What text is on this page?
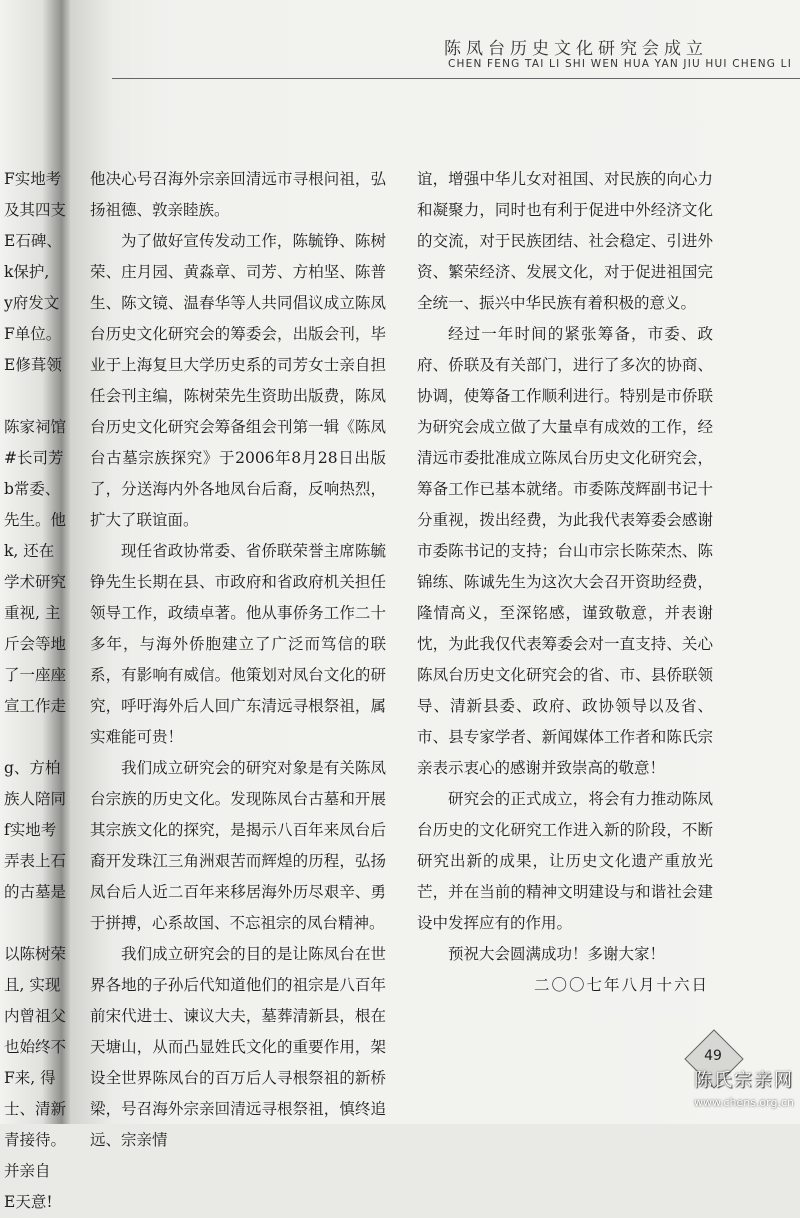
陈凤台历史文化研究会成立
CHEN FENG TAI LI SHI WEN HUA YAN JIU HUI CHENG LI
F实地考
及其四支
E石碑、
k保护,
y府发文
F单位。
E修葺领
陈家祠馆
#长司芳
b常委、
先生。他
k, 还在
学术研究
重视, 主
斤会等地
了一座座
宣工作走
g、方柏
族人陪同
f实地考
弄表上石
的古墓是
以陈树荣
且, 实现
内曾祖父
也始终不
F来, 得
士、清新
青接待。
并亲自
E天意!

他决心号召海外宗亲回清远市寻根问祖，弘扬祖德、敦亲睦族。

为了做好宣传发动工作，陈毓铮、陈树荣、庄月园、黄淼章、司芳、方柏坚、陈普生、陈文镜、温春华等人共同倡议成立陈凤台历史文化研究会的筹委会，出版会刊，毕业于上海复旦大学历史系的司芳女士亲自担任会刊主编，陈树荣先生资助出版费，陈凤台历史文化研究会筹备组会刊第一辑《陈凤台古墓宗族探究》于2006年8月28日出版了，分送海内外各地凤台后裔，反响热烈，扩大了联谊面。

现任省政协常委、省侨联荣誉主席陈毓铮先生长期在县、市政府和省政府机关担任领导工作，政绩卓著。他从事侨务工作二十多年，与海外侨胞建立了广泛而笃信的联系，有影响有威信。他策划对凤台文化的研究，呼吁海外后人回广东清远寻根祭祖，属实难能可贵！

我们成立研究会的研究对象是有关陈凤台宗族的历史文化。发现陈凤台古墓和开展其宗族文化的探究，是揭示八百年来凤台后裔开发珠江三角洲艰苦而辉煌的历程，弘扬凤台后人近二百年来移居海外历尽艰辛、勇于拼搏，心系故国、不忘祖宗的凤台精神。

我们成立研究会的目的是让陈凤台在世界各地的子孙后代知道他们的祖宗是八百年前宋代进士、谏议大夫，墓葬清新县，根在天塘山，从而凸显姓氏文化的重要作用，架设全世界陈凤台的百万后人寻根祭祖的新桥梁，号召海外宗亲回清远寻根祭祖，慎终追远、宗亲情

谊，增强中华儿女对祖国、对民族的向心力和凝聚力，同时也有利于促进中外经济文化的交流，对于民族团结、社会稳定、引进外资、繁荣经济、发展文化，对于促进祖国完全统一、振兴中华民族有着积极的意义。

经过一年时间的紧张筹备，市委、政府、侨联及有关部门，进行了多次的协商、协调，使筹备工作顺利进行。特别是市侨联为研究会成立做了大量卓有成效的工作，经清远市委批准成立陈凤台历史文化研究会，筹备工作已基本就绪。市委陈茂辉副书记十分重视，拨出经费，为此我代表筹委会感谢市委陈书记的支持；台山市宗长陈荣杰、陈锦练、陈诚先生为这次大会召开资助经费，隆情高义，至深铭感，谨致敬意，并表谢忱，为此我仅代表筹委会对一直支持、关心陈凤台历史文化研究会的省、市、县侨联领导、清新县委、政府、政协领导以及省、市、县专家学者、新闻媒体工作者和陈氏宗亲表示衷心的感谢并致崇高的敬意！

研究会的正式成立，将会有力推动陈凤台历史的文化研究工作进入新的阶段，不断研究出新的成果，让历史文化遗产重放光芒，并在当前的精神文明建设与和谐社会建设中发挥应有的作用。

预祝大会圆满成功！多谢大家！

二〇〇七年八月十六日

49
陈氏宗亲网
www.chens.org.cn
